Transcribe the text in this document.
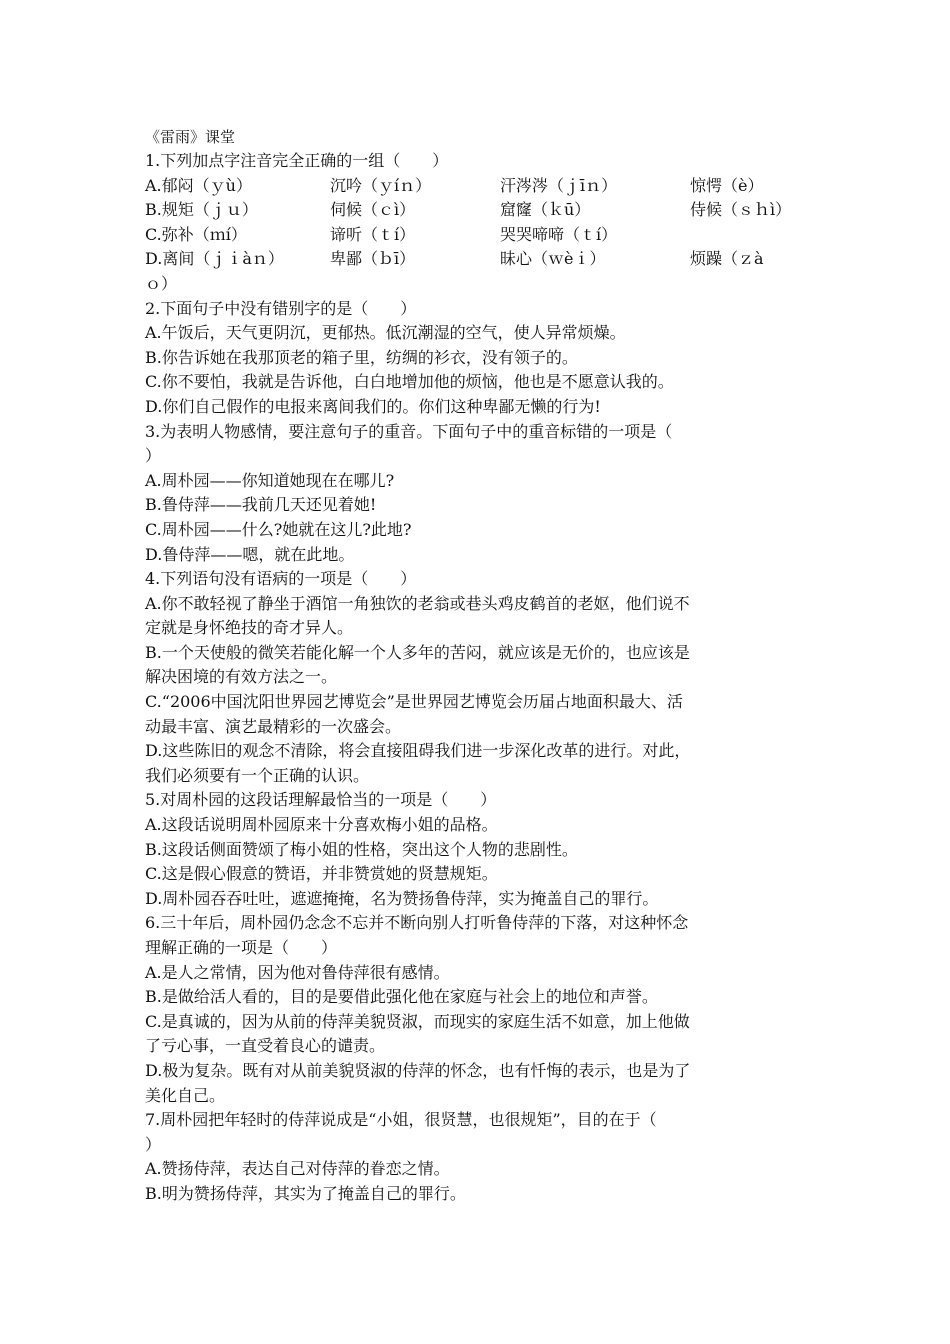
《雷雨》课堂
1.下列加点字注音完全正确的一组（　　）
A.郁闷（ｙù）	沉吟（ｙíｎ）	汗涔涔（ｊīｎ）	惊愕（è）
B.规矩（ｊｕ）	伺候（ｃì）	窟窿（ｋū）	侍候（ｓｈì）
C.弥补（ｍí）	谛听（ｔí）	哭哭啼啼（ｔí）
D.离间（ｊｉàｎ）	卑鄙（ｂī）	昧心（ｗèｉ）	烦躁（ｚà
ｏ）
2.下面句子中没有错别字的是（　　）
A.午饭后，天气更阴沉，更郁热。低沉潮湿的空气，使人异常烦燥。
B.你告诉她在我那顶老的箱子里，纺绸的衫衣，没有领子的。
C.你不要怕，我就是告诉他，白白地增加他的烦恼，他也是不愿意认我的。
D.你们自己假作的电报来离间我们的。你们这种卑鄙无懒的行为!
3.为表明人物感情，要注意句子的重音。下面句子中的重音标错的一项是（
）
A.周朴园——你知道她现在在哪儿?
B.鲁侍萍——我前几天还见着她!
C.周朴园——什么?她就在这儿?此地?
D.鲁侍萍——嗯，就在此地。
4.下列语句没有语病的一项是（　　）
A.你不敢轻视了静坐于酒馆一角独饮的老翁或巷头鸡皮鹤首的老妪，他们说不
定就是身怀绝技的奇才异人。
B.一个天使般的微笑若能化解一个人多年的苦闷，就应该是无价的，也应该是
解决困境的有效方法之一。
C.“2006中国沈阳世界园艺博览会”是世界园艺博览会历届占地面积最大、活
动最丰富、演艺最精彩的一次盛会。
D.这些陈旧的观念不清除，将会直接阻碍我们进一步深化改革的进行。对此，
我们必须要有一个正确的认识。
5.对周朴园的这段话理解最恰当的一项是（　　）
A.这段话说明周朴园原来十分喜欢梅小姐的品格。
B.这段话侧面赞颂了梅小姐的性格，突出这个人物的悲剧性。
C.这是假心假意的赞语，并非赞赏她的贤慧规矩。
D.周朴园吞吞吐吐，遮遮掩掩，名为赞扬鲁侍萍，实为掩盖自己的罪行。
6.三十年后，周朴园仍念念不忘并不断向别人打听鲁侍萍的下落，对这种怀念
理解正确的一项是（　　）
A.是人之常情，因为他对鲁侍萍很有感情。
B.是做给活人看的，目的是要借此强化他在家庭与社会上的地位和声誉。
C.是真诚的，因为从前的侍萍美貌贤淑，而现实的家庭生活不如意，加上他做
了亏心事，一直受着良心的谴责。
D.极为复杂。既有对从前美貌贤淑的侍萍的怀念，也有忏悔的表示，也是为了
美化自己。
7.周朴园把年轻时的侍萍说成是“小姐，很贤慧，也很规矩”，目的在于（
）
A.赞扬侍萍，表达自己对侍萍的眷恋之情。
B.明为赞扬侍萍，其实为了掩盖自己的罪行。
